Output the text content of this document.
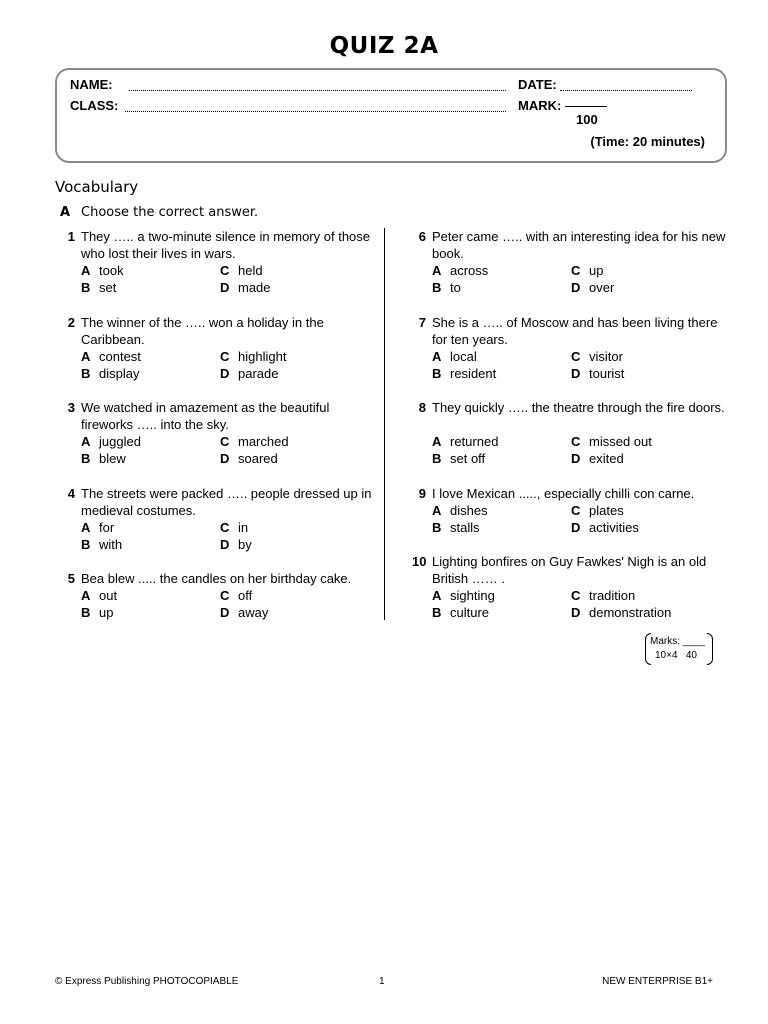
QUIZ 2A
NAME:	DATE:
CLASS:	MARK:
100
(Time: 20 minutes)
Vocabulary
A Choose the correct answer.
1 They ….. a two-minute silence in memory of those who lost their lives in wars.
A took	C held
B set	D made
2 The winner of the ….. won a holiday in the Caribbean.
A contest	C highlight
B display	D parade
3 We watched in amazement as the beautiful fireworks ….. into the sky.
A juggled	C marched
B blew	D soared
4 The streets were packed ….. people dressed up in medieval costumes.
A for	C in
B with	D by
5 Bea blew ..... the candles on her birthday cake.
A out	C off
B up	D away
6 Peter came ….. with an interesting idea for his new book.
A across	C up
B to	D over
7 She is a ….. of Moscow and has been living there for ten years.
A local	C visitor
B resident	D tourist
8 They quickly ….. the theatre through the fire doors.
A returned	C missed out
B set off	D exited
9 I love Mexican ....., especially chilli con carne.
A dishes	C plates
B stalls	D activities
10 Lighting bonfires on Guy Fawkes' Nigh is an old British …… .
A sighting	C tradition
B culture	D demonstration
Marks: ____
10×4 40
© Express Publishing PHOTOCOPIABLE	1	NEW ENTERPRISE B1+
